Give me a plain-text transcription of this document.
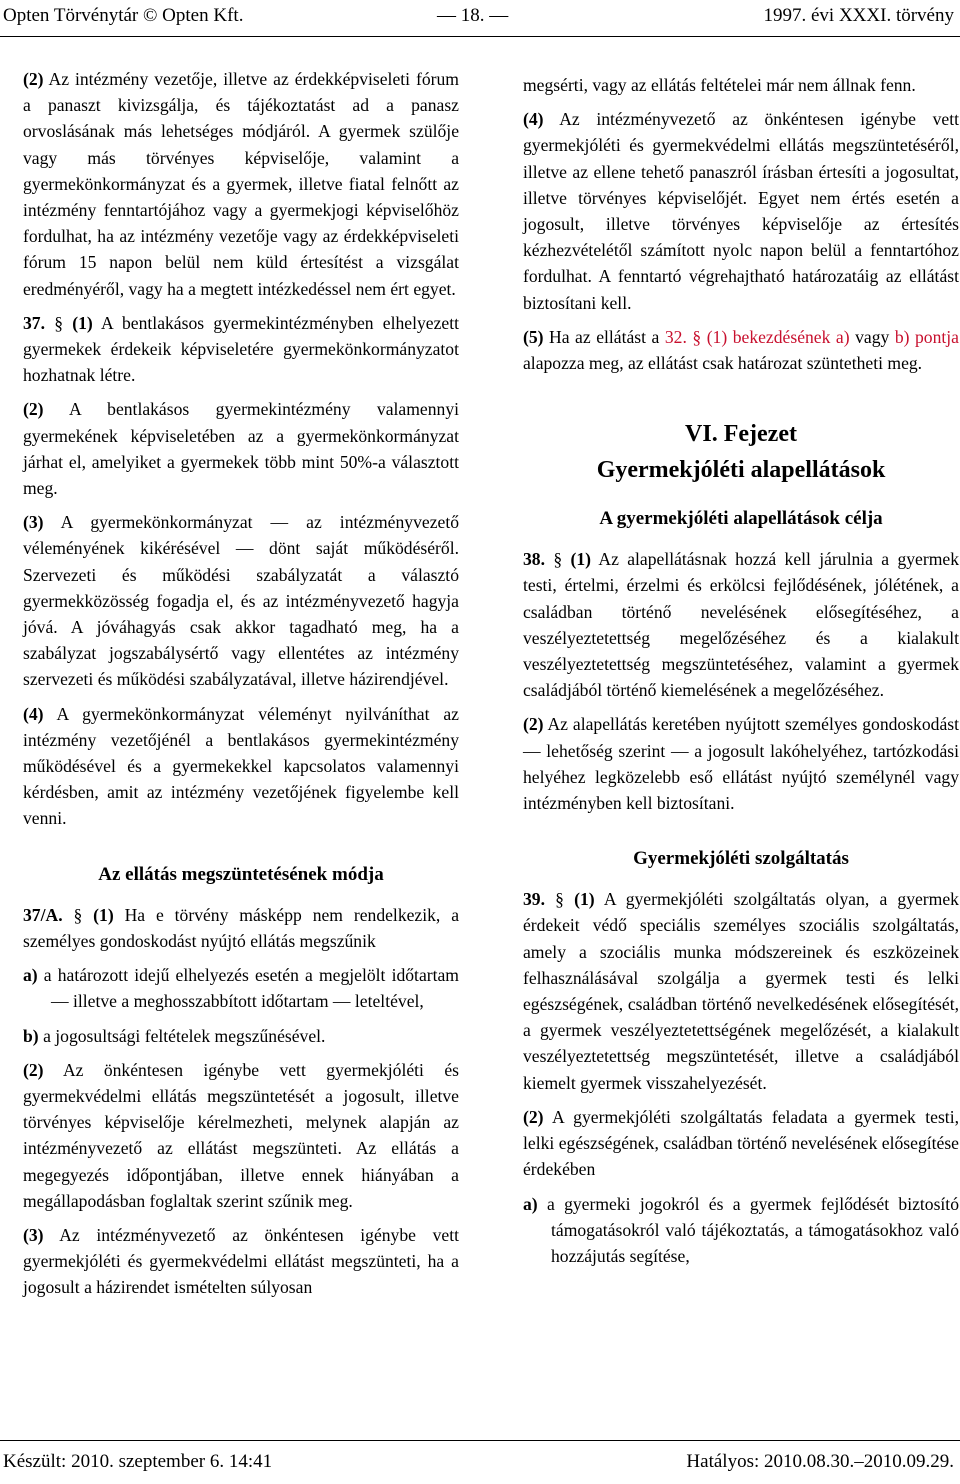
Opten Törvénytár © Opten Kft.	— 18. —	1997. évi XXXI. törvény

(2) Az intézmény vezetője, illetve az érdekképviseleti fórum a panaszt kivizsgálja, és tájékoztatást ad a panasz orvoslásának más lehetséges módjáról. A gyermek szülője vagy más törvényes képviselője, valamint a gyermekönkormányzat és a gyermek, illetve fiatal felnőtt az intézmény fenntartójához vagy a gyermekjogi képviselőhöz fordulhat, ha az intézmény vezetője vagy az érdekképviseleti fórum 15 napon belül nem küld értesítést a vizsgálat eredményéről, vagy ha a megtett intézkedéssel nem ért egyet.

37. § (1) A bentlakásos gyermekintézményben elhelyezett gyermekek érdekeik képviseletére gyermekönkormányzatot hozhatnak létre.

(2) A bentlakásos gyermekintézmény valamennyi gyermekének képviseletében az a gyermekönkormányzat járhat el, amelyiket a gyermekek több mint 50%-a választott meg.

(3) A gyermekönkormányzat — az intézményvezető véleményének kikérésével — dönt saját működéséről. Szervezeti és működési szabályzatát a választó gyermekközösség fogadja el, és az intézményvezető hagyja jóvá. A jóváhagyás csak akkor tagadható meg, ha a szabályzat jogszabálysértő vagy ellentétes az intézmény szervezeti és működési szabályzatával, illetve házirendjével.

(4) A gyermekönkormányzat véleményt nyilváníthat az intézmény vezetőjénél a bentlakásos gyermekintézmény működésével és a gyermekekkel kapcsolatos valamennyi kérdésben, amit az intézmény vezetőjének figyelembe kell venni.

Az ellátás megszüntetésének módja

37/A. § (1) Ha e törvény másképp nem rendelkezik, a személyes gondoskodást nyújtó ellátás megszűnik

a) a határozott idejű elhelyezés esetén a megjelölt időtartam — illetve a meghosszabbított időtartam — leteltével,

b) a jogosultsági feltételek megszűnésével.

(2) Az önkéntesen igénybe vett gyermekjóléti és gyermekvédelmi ellátás megszüntetését a jogosult, illetve törvényes képviselője kérelmezheti, melynek alapján az intézményvezető az ellátást megszünteti. Az ellátás a megegyezés időpontjában, illetve ennek hiányában a megállapodásban foglaltak szerint szűnik meg.

(3) Az intézményvezető az önkéntesen igénybe vett gyermekjóléti és gyermekvédelmi ellátást megszünteti, ha a jogosult a házirendet ismételten súlyosan

megsérti, vagy az ellátás feltételei már nem állnak fenn.

(4) Az intézményvezető az önkéntesen igénybe vett gyermekjóléti és gyermekvédelmi ellátás megszüntetéséről, illetve az ellene tehető panaszról írásban értesíti a jogosultat, illetve törvényes képviselőjét. Egyet nem értés esetén a jogosult, illetve törvényes képviselője az értesítés kézhezvételétől számított nyolc napon belül a fenntartóhoz fordulhat. A fenntartó végrehajtható határozatáig az ellátást biztosítani kell.

(5) Ha az ellátást a 32. § (1) bekezdésének a) vagy b) pontja alapozza meg, az ellátást csak határozat szüntetheti meg.

VI. Fejezet
Gyermekjóléti alapellátások
A gyermekjóléti alapellátások célja

38. § (1) Az alapellátásnak hozzá kell járulnia a gyermek testi, értelmi, érzelmi és erkölcsi fejlődésének, jólétének, a családban történő nevelésének elősegítéséhez, a veszélyeztetettség megelőzéséhez és a kialakult veszélyeztetettség megszüntetéséhez, valamint a gyermek családjából történő kiemelésének a megelőzéséhez.

(2) Az alapellátás keretében nyújtott személyes gondoskodást — lehetőség szerint — a jogosult lakóhelyéhez, tartózkodási helyéhez legközelebb eső ellátást nyújtó személynél vagy intézményben kell biztosítani.

Gyermekjóléti szolgáltatás

39. § (1) A gyermekjóléti szolgáltatás olyan, a gyermek érdekeit védő speciális személyes szociális szolgáltatás, amely a szociális munka módszereinek és eszközeinek felhasználásával szolgálja a gyermek testi és lelki egészségének, családban történő nevelkedésének elősegítését, a gyermek veszélyeztetettségének megelőzését, a kialakult veszélyeztetettség megszüntetését, illetve a családjából kiemelt gyermek visszahelyezését.

(2) A gyermekjóléti szolgáltatás feladata a gyermek testi, lelki egészségének, családban történő nevelésének elősegítése érdekében

a) a gyermeki jogokról és a gyermek fejlődését biztosító támogatásokról való tájékoztatás, a támogatásokhoz való hozzájutás segítése,

Készült: 2010. szeptember 6. 14:41	Hatályos: 2010.08.30.–2010.09.29.
